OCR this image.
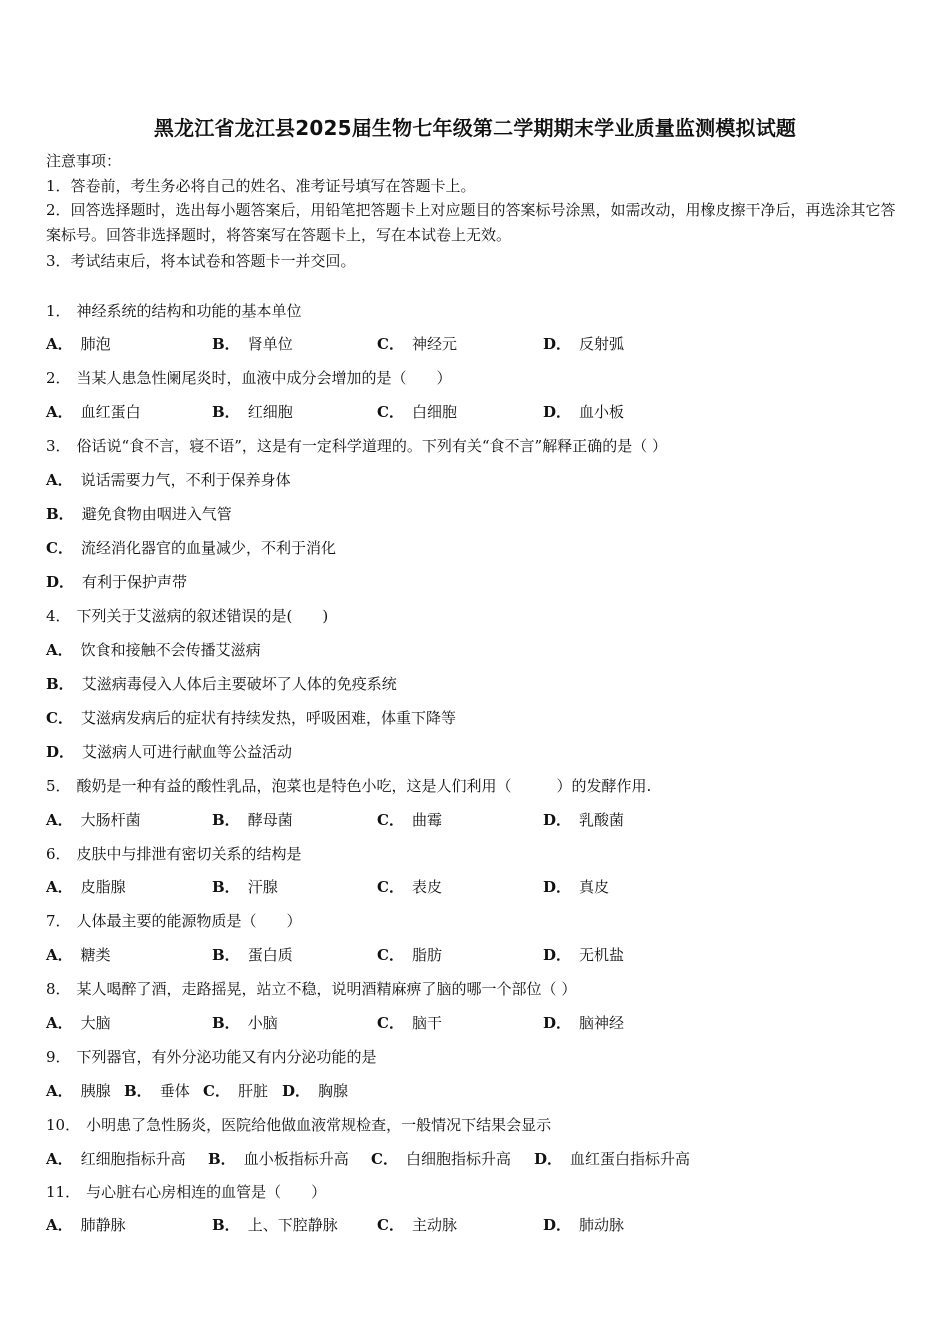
黑龙江省龙江县2025届生物七年级第二学期期末学业质量监测模拟试题
注意事项：
1．答卷前，考生务必将自己的姓名、准考证号填写在答题卡上。
2．回答选择题时，选出每小题答案后，用铅笔把答题卡上对应题目的答案标号涂黑，如需改动，用橡皮擦干净后，再选涂其它答案标号。回答非选择题时，将答案写在答题卡上，写在本试卷上无效。
3．考试结束后，将本试卷和答题卡一并交回。
1． 神经系统的结构和功能的基本单位
A． 肺泡	B． 肾单位	C． 神经元	D． 反射弧
2． 当某人患急性阑尾炎时，血液中成分会增加的是（　　）
A． 血红蛋白	B． 红细胞	C． 白细胞	D． 血小板
3． 俗话说“食不言，寝不语”，这是有一定科学道理的。下列有关“食不言”解释正确的是（ ）
A． 说话需要力气，不利于保养身体
B． 避免食物由咽进入气管
C． 流经消化器官的血量减少，不利于消化
D． 有利于保护声带
4． 下列关于艾滋病的叙述错误的是(　　)
A． 饮食和接触不会传播艾滋病
B． 艾滋病毒侵入人体后主要破坏了人体的免疫系统
C． 艾滋病发病后的症状有持续发热，呼吸困难，体重下降等
D． 艾滋病人可进行献血等公益活动
5． 酸奶是一种有益的酸性乳品，泡菜也是特色小吃，这是人们利用（　　　）的发酵作用.
A． 大肠杆菌	B． 酵母菌	C． 曲霉	D． 乳酸菌
6． 皮肤中与排泄有密切关系的结构是
A． 皮脂腺	B． 汗腺	C． 表皮	D． 真皮
7． 人体最主要的能源物质是（　　）
A． 糖类	B． 蛋白质	C． 脂肪	D． 无机盐
8． 某人喝醉了酒，走路摇晃，站立不稳，说明酒精麻痹了脑的哪一个部位（ ）
A． 大脑	B． 小脑	C． 脑干	D． 脑神经
9． 下列器官，有外分泌功能又有内分泌功能的是
A． 胰腺 B． 垂体 C． 肝脏 D． 胸腺
10． 小明患了急性肠炎，医院给他做血液常规检查，一般情况下结果会显示
A． 红细胞指标升高 B． 血小板指标升高 C． 白细胞指标升高 D． 血红蛋白指标升高
11． 与心脏右心房相连的血管是（　　）
A． 肺静脉	B． 上、下腔静脉	C． 主动脉	D． 肺动脉
